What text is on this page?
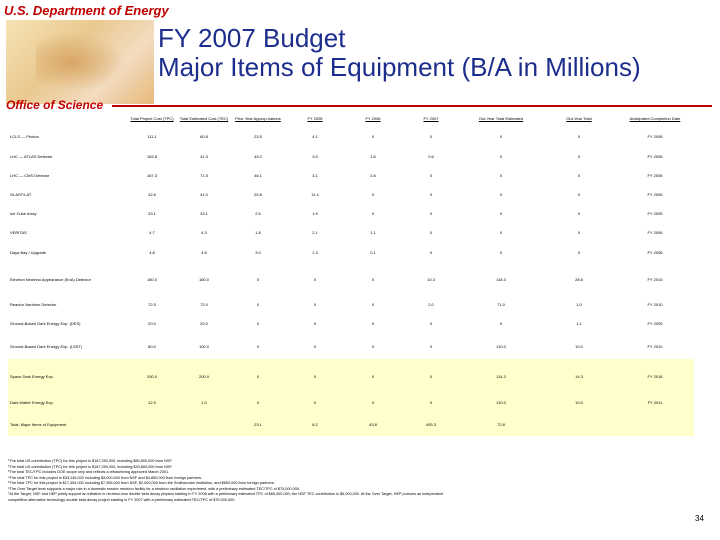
U.S. Department of Energy
Office of Science
FY 2007 Budget
Major Items of Equipment (B/A in Millions)
	Total Project Cost (TPC)	Total Estimated Cost (TEC)	Prior Year Approp-riations	FY 2005	FY 2006	FY 2007	Out-Year Total Estimated	Out-Year Total	Anticipated Completion Date
LCLS — Photon	111.1	80.8	23.5	4.1	0	0	0	0	FY 2008
LHC — ATLAS Detector	163.8	41.3	49.2	3.9	1.6	0.6	0	0	FY 2005
LHC — CMS Detector	167.3	71.5	46.1	3.1	2.8	0	0	0	FY 2005
GLAST/LAT	42.6	41.0	25.8	11.4	0	0	0	0	FY 2005
Ice Cube Array	33.1	33.1	2.5	1.9	0	0	0	0	FY 2005
VERITAS	4.7	4.3	1.8	2.1	1.1	0	0	0	FY 2006
Daya Bay / Upgrade	4.8	4.8	3.0	1.3	0.1	0	0	0	FY 2006
Electron Neutrino Appearance (EnA) Detector	160.0	160.0	0	0	0	10.3	118.3	28.6	FY 2010
Reactor Neutrino Detector	72.5	72.0	0	0	0	2.0	71.0	1.0	FY 2010
Ground-Based Dark Energy Exp. (DES)	20.0	20.0	0	0	0	0	0	1.1	FY 2009
Ground-Based Dark Energy Exp. (LSST)	80.0	100.0	0	0	0	0	110.0	10.0	FY 2010
Space Dark Energy Exp.	200.0	200.0	0	0	0	0	114.3	14.3	FY 2016
Dark Matter Energy Exp.	12.5	1.0	0	0	0	0	110.0	10.0	FY 2011
Total, Major Items of Equipment			23.1	8.2	43.8	493.3	72.8		
¹The total US contribution (TPC) for this project is $167,250,000, including $80,800,000 from NSF.
²The total US contribution (TPC) for this project is $167,250,000, including $33,800,000 from NSF.
³The total TEC/TPC includes DOE scope only and reflects a rebaselining approved March 2001.
⁴The total TPC for this project is $33,145,000 including $3,000,000 from NSF and $4,850,000 from foreign partners.
⁵The total TPC for this project is $17,454,000 including $7,355,000 from NSF, $2,000,000 from the Smithsonian Institution, and $600,000 from foreign partners.
⁶The Over Target level supports a major role in a domestic reactor neutrino facility for a neutrino oscillation experiment, with a preliminary estimated TEC/TPC of $75,000,000.
⁷At the Target, NSF and HEP jointly support an initiative in neutrino-less double beta decay physics starting in FY 2008 with a preliminary estimated TPC of $65,000,000; the NSF TEC contribution is $5,000,000. At the Over Target, HEP pursues an independent
competitive alternative technology double beta decay project starting in FY 2007 with a preliminary estimated TEC/TPC of $75,000,000.
34
